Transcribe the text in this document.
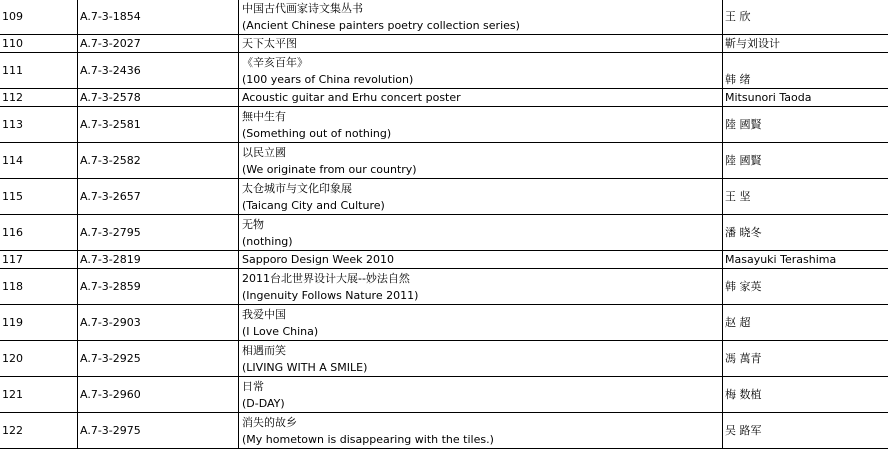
109	A.7-3-1854	中国古代画家诗文集丛书
(Ancient Chinese painters poetry collection series)	王 欣
110	A.7-3-2027	天下太平图	靳与刘设计
111	A.7-3-2436	《辛亥百年》
(100 years of China revolution)	韩 绪
112	A.7-3-2578	Acoustic guitar and Erhu concert poster	Mitsunori Taoda
113	A.7-3-2581	無中生有
(Something out of nothing)	陸 國賢
114	A.7-3-2582	以民立國
(We originate from our country)	陸 國賢
115	A.7-3-2657	太仓城市与文化印象展
(Taicang City and Culture)	王 坚
116	A.7-3-2795	无物
(nothing)	潘 晓冬
117	A.7-3-2819	Sapporo Design Week 2010	Masayuki Terashima
118	A.7-3-2859	2011台北世界设计大展--妙法自然
(Ingenuity Follows Nature 2011)	韩 家英
119	A.7-3-2903	我爱中国
(I Love China)	赵 超
120	A.7-3-2925	相遇而笑
(LIVING WITH A SMILE)	馮 萬青
121	A.7-3-2960	日常
(D-DAY)	梅 数植
122	A.7-3-2975	消失的故乡
(My hometown is disappearing with the tiles.)	吴 路军
